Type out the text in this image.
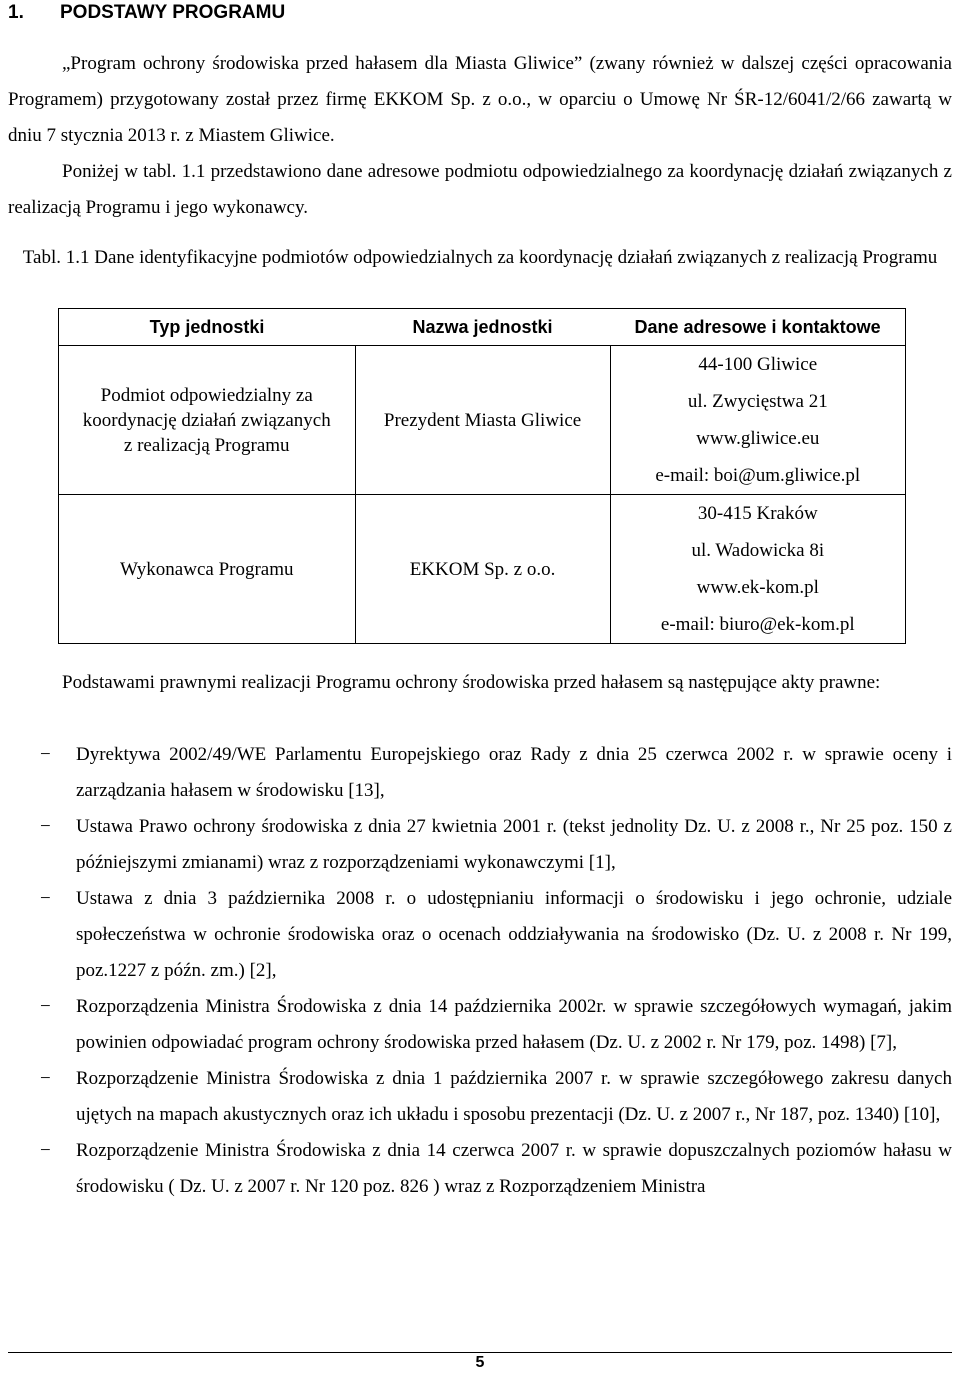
1. PODSTAWY PROGRAMU
„Program ochrony środowiska przed hałasem dla Miasta Gliwice” (zwany również w dalszej części opracowania Programem) przygotowany został przez firmę EKKOM Sp. z o.o., w oparciu o Umowę Nr ŚR-12/6041/2/66 zawartą w dniu 7 stycznia 2013 r. z Miastem Gliwice.
Poniżej w tabl. 1.1 przedstawiono dane adresowe podmiotu odpowiedzialnego za koordynację działań związanych z realizacją Programu i jego wykonawcy.
Tabl. 1.1 Dane identyfikacyjne podmiotów odpowiedzialnych za koordynację działań związanych z realizacją Programu
Typ jednostki	Nazwa jednostki	Dane adresowe i kontaktowe

Podmiot odpowiedzialny za koordynację działań związanych z realizacją Programu	Prezydent Miasta Gliwice	44-100 Gliwice
ul. Zwycięstwa 21
www.gliwice.eu
e-mail: boi@um.gliwice.pl

Wykonawca Programu	EKKOM Sp. z o.o.	30-415 Kraków
ul. Wadowicka 8i
www.ek-kom.pl
e-mail: biuro@ek-kom.pl
Podstawami prawnymi realizacji Programu ochrony środowiska przed hałasem są następujące akty prawne:
− Dyrektywa 2002/49/WE Parlamentu Europejskiego oraz Rady z dnia 25 czerwca 2002 r. w sprawie oceny i zarządzania hałasem w środowisku [13],
− Ustawa Prawo ochrony środowiska z dnia 27 kwietnia 2001 r. (tekst jednolity Dz. U. z 2008 r., Nr 25 poz. 150 z późniejszymi zmianami) wraz z rozporządzeniami wykonawczymi [1],
− Ustawa z dnia 3 października 2008 r. o udostępnianiu informacji o środowisku i jego ochronie, udziale społeczeństwa w ochronie środowiska oraz o ocenach oddziaływania na środowisko (Dz. U. z 2008 r. Nr 199, poz.1227 z późn. zm.) [2],
− Rozporządzenia Ministra Środowiska z dnia 14 października 2002r. w sprawie szczegółowych wymagań, jakim powinien odpowiadać program ochrony środowiska przed hałasem (Dz. U. z 2002 r. Nr 179, poz. 1498) [7],
− Rozporządzenie Ministra Środowiska z dnia 1 października 2007 r. w sprawie szczegółowego zakresu danych ujętych na mapach akustycznych oraz ich układu i sposobu prezentacji (Dz. U. z 2007 r., Nr 187, poz. 1340) [10],
− Rozporządzenie Ministra Środowiska z dnia 14 czerwca 2007 r. w sprawie dopuszczalnych poziomów hałasu w środowisku ( Dz. U. z 2007 r. Nr 120 poz. 826 ) wraz z Rozporządzeniem Ministra
5
